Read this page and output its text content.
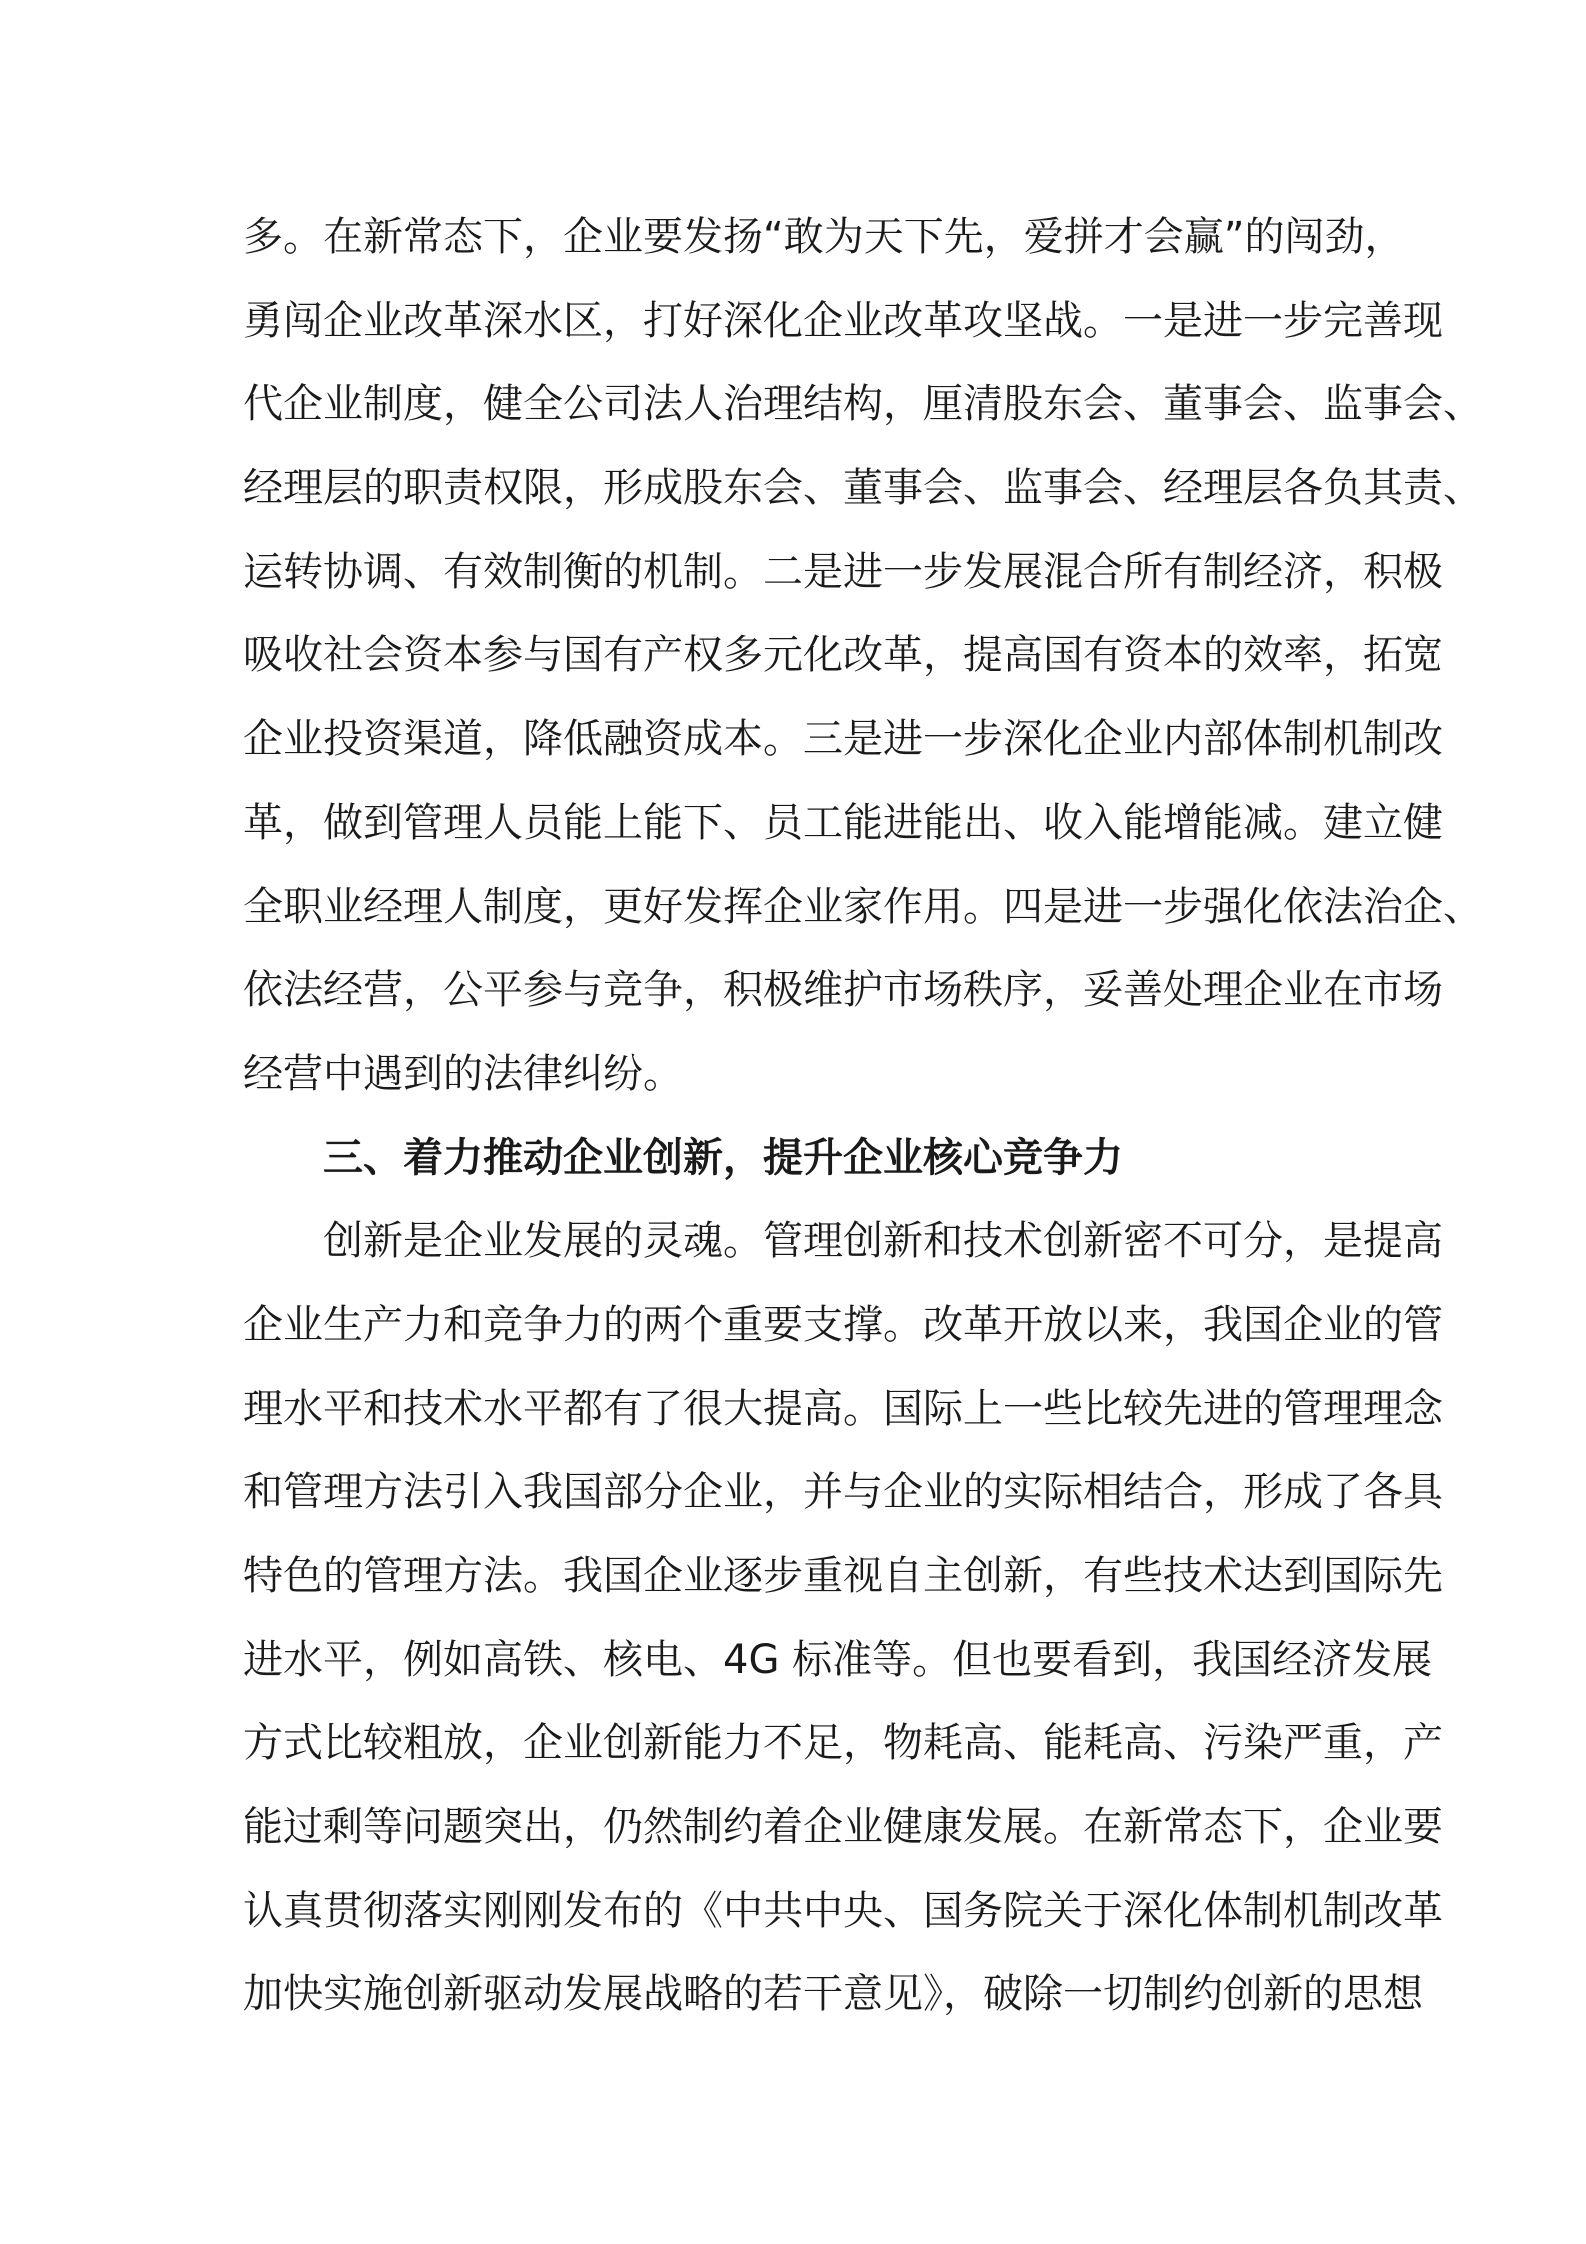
多。在新常态下，企业要发扬“敢为天下先，爱拼才会赢”的闯劲，
勇闯企业改革深水区，打好深化企业改革攻坚战。一是进一步完善现
代企业制度，健全公司法人治理结构，厘清股东会、董事会、监事会、
经理层的职责权限，形成股东会、董事会、监事会、经理层各负其责、
运转协调、有效制衡的机制。二是进一步发展混合所有制经济，积极
吸收社会资本参与国有产权多元化改革，提高国有资本的效率，拓宽
企业投资渠道，降低融资成本。三是进一步深化企业内部体制机制改
革，做到管理人员能上能下、员工能进能出、收入能增能减。建立健
全职业经理人制度，更好发挥企业家作用。四是进一步强化依法治企、
依法经营，公平参与竞争，积极维护市场秩序，妥善处理企业在市场
经营中遇到的法律纠纷。
三、着力推动企业创新，提升企业核心竞争力
创新是企业发展的灵魂。管理创新和技术创新密不可分，是提高
企业生产力和竞争力的两个重要支撑。改革开放以来，我国企业的管
理水平和技术水平都有了很大提高。国际上一些比较先进的管理理念
和管理方法引入我国部分企业，并与企业的实际相结合，形成了各具
特色的管理方法。我国企业逐步重视自主创新，有些技术达到国际先
进水平，例如高铁、核电、4G 标准等。但也要看到，我国经济发展
方式比较粗放，企业创新能力不足，物耗高、能耗高、污染严重，产
能过剩等问题突出，仍然制约着企业健康发展。在新常态下，企业要
认真贯彻落实刚刚发布的《中共中央、国务院关于深化体制机制改革
加快实施创新驱动发展战略的若干意见》，破除一切制约创新的思想
